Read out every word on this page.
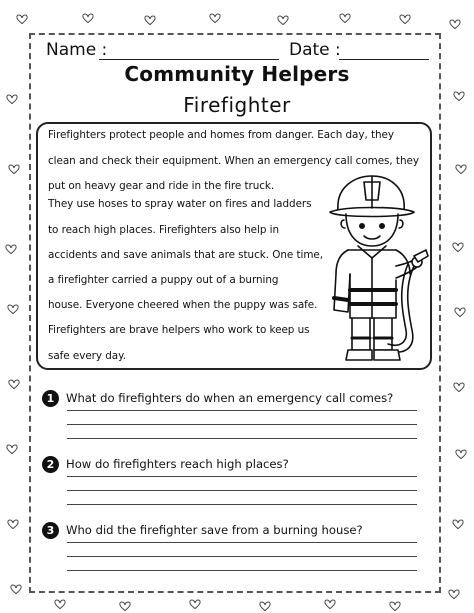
Name :	Date :
Community Helpers
Firefighter
Firefighters protect people and homes from danger. Each day, they
clean and check their equipment. When an emergency call comes, they
put on heavy gear and ride in the fire truck.
They use hoses to spray water on fires and ladders
to reach high places. Firefighters also help in
accidents and save animals that are stuck. One time,
a firefighter carried a puppy out of a burning
house. Everyone cheered when the puppy was safe.
Firefighters are brave helpers who work to keep us
safe every day.
1	What do firefighters do when an emergency call comes?
2	How do firefighters reach high places?
3	Who did the firefighter save from a burning house?
